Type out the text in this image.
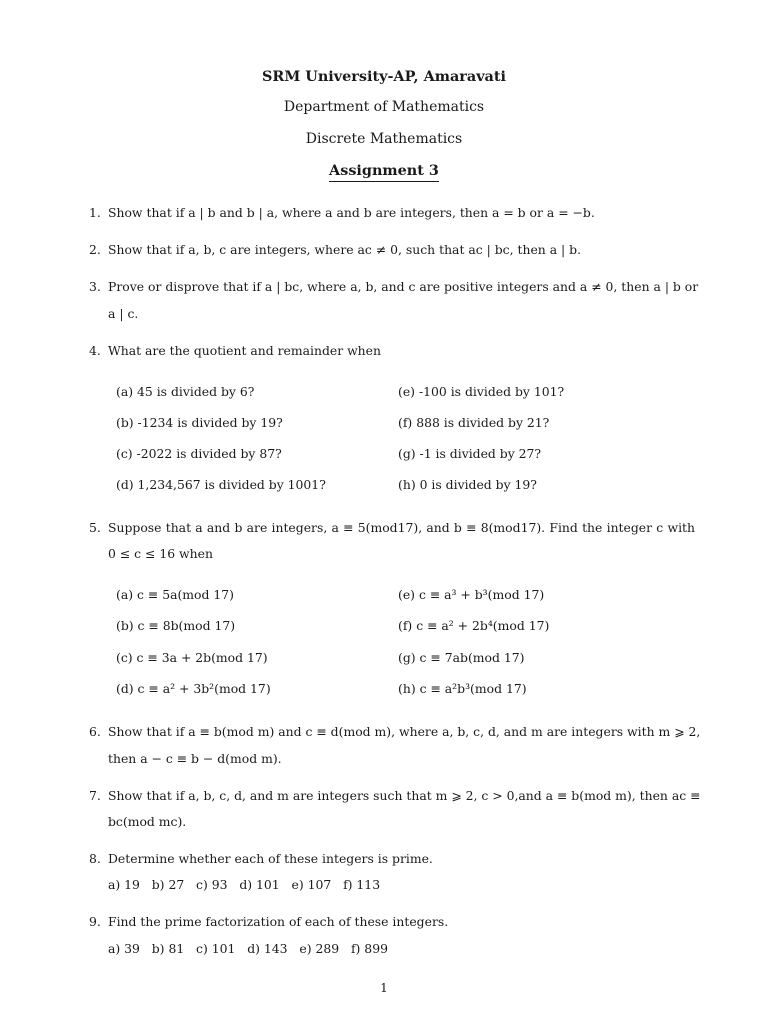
SRM University-AP, Amaravati
Department of Mathematics
Discrete Mathematics
Assignment 3
1. Show that if a | b and b | a, where a and b are integers, then a = b or a = −b.
2. Show that if a, b, c are integers, where ac ≠ 0, such that ac | bc, then a | b.
3. Prove or disprove that if a | bc, where a, b, and c are positive integers and a ≠ 0, then a | b or
a | c.
4. What are the quotient and remainder when
(a) 45 is divided by 6?
(b) -1234 is divided by 19?
(c) -2022 is divided by 87?
(d) 1,234,567 is divided by 1001?
(e) -100 is divided by 101?
(f) 888 is divided by 21?
(g) -1 is divided by 27?
(h) 0 is divided by 19?
5. Suppose that a and b are integers, a ≡ 5(mod17), and b ≡ 8(mod17). Find the integer c with
0 ≤ c ≤ 16 when
(a) c ≡ 5a(mod 17)
(b) c ≡ 8b(mod 17)
(c) c ≡ 3a + 2b(mod 17)
(d) c ≡ a² + 3b²(mod 17)
(e) c ≡ a³ + b³(mod 17)
(f) c ≡ a² + 2b⁴(mod 17)
(g) c ≡ 7ab(mod 17)
(h) c ≡ a²b³(mod 17)
6. Show that if a ≡ b(mod m) and c ≡ d(mod m), where a, b, c, d, and m are integers with m ⩾ 2,
then a − c ≡ b − d(mod m).
7. Show that if a, b, c, d, and m are integers such that m ⩾ 2, c > 0,and a ≡ b(mod m), then ac ≡
bc(mod mc).
8. Determine whether each of these integers is prime.
a) 19   b) 27   c) 93   d) 101   e) 107   f) 113
9. Find the prime factorization of each of these integers.
a) 39   b) 81   c) 101   d) 143   e) 289   f) 899
1
